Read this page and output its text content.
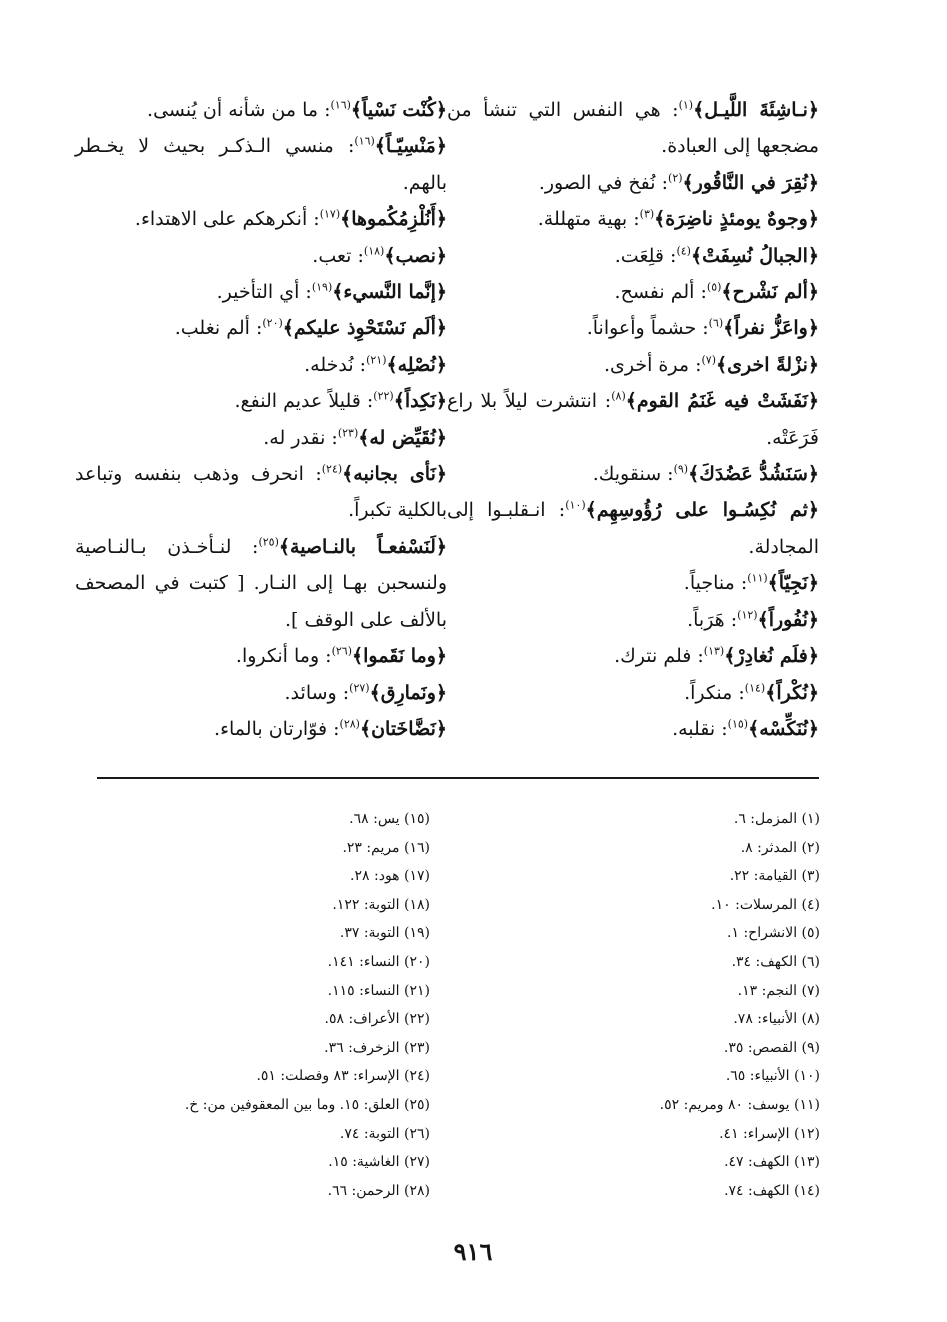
﴿نـاشِئَةَ اللَّيـل﴾$^{(١)}$: هي النفس التي تنشأ من مضجعها إلى العبادة.

﴿نُقِرَ في النَّاقُور﴾$^{(٢)}$: نُفخ في الصور.

﴿وجوهٌ يومئذٍ ناضِرَة﴾$^{(٣)}$: بهية متهللة.

﴿الجبالُ نُسِفَتْ﴾$^{(٤)}$: قلِعَت.

﴿ألم نَشْرح﴾$^{(٥)}$: ألم نفسح.

﴿واعَزُّ نفراً﴾$^{(٦)}$: حشماً وأعواناً.

﴿نزْلةً اخرى﴾$^{(٧)}$: مرة أخرى.

﴿نَفَشَتْ فيه غَنَمُ القوم﴾$^{(٨)}$: انتشرت ليلاً بلا راع فَرَعَتْه.

﴿سَنَشُدُّ عَضُدَكَ﴾$^{(٩)}$: سنقويك.

﴿ثم نُكِسُـوا على رُؤُوسِهِم﴾$^{(١٠)}$: انـقلبـوا إلى المجادلة.

﴿نَجِيّاً﴾$^{(١١)}$: مناجياً.

﴿نُفُوراً﴾$^{(١٢)}$: هَرَباً.

﴿فلَم نُغادِرْ﴾$^{(١٣)}$: فلم نترك.

﴿نُكْراً﴾$^{(١٤)}$: منكراً.

﴿نُنَكِّسْه﴾$^{(١٥)}$: نقلبه.

﴿كُنْت نَسْياً﴾$^{(١٦)}$: ما من شأنه أن يُنسى.

﴿مَنْسِيّـاً﴾$^{(١٦)}$: منسي الـذكـر بحيث لا يخـطر بالهم.

﴿أَنُلْزِمُكُموها﴾$^{(١٧)}$: أنكرهكم على الاهتداء.

﴿نصب﴾$^{(١٨)}$: تعب.

﴿إنَّما النَّسيء﴾$^{(١٩)}$: أي التأخير.

﴿ألَم نَسْتَحْوِذ عليكم﴾$^{(٢٠)}$: ألم نغلب.

﴿نُصْلِه﴾$^{(٢١)}$: نُدخله.

﴿نَكِداً﴾$^{(٢٢)}$: قليلاً عديم النفع.

﴿نُقَيِّض له﴾$^{(٢٣)}$: نقدر له.

﴿نَأى بجانبه﴾$^{(٢٤)}$: انحرف وذهب بنفسه وتباعد بالكلية تكبراً.

﴿لَنَسْفعـاً بالنـاصية﴾$^{(٢٥)}$: لنـأخـذن بـالنـاصية ولنسحبن بهـا إلى النـار. [ كتبت في المصحف بالألف على الوقف ].

﴿وما نَقَموا﴾$^{(٢٦)}$: وما أنكروا.

﴿ونَمارِق﴾$^{(٢٧)}$: وسائد.

﴿نَضَّاخَتان﴾$^{(٢٨)}$: فوّارتان بالماء.

(١) المزمل: ٦.

(٢) المدثر: ٨.

(٣) القيامة: ٢٢.

(٤) المرسلات: ١٠.

(٥) الانشراح: ١.

(٦) الكهف: ٣٤.

(٧) النجم: ١٣.

(٨) الأنبياء: ٧٨.

(٩) القصص: ٣٥.

(١٠) الأنبياء: ٦٥.

(١١) يوسف: ٨٠ ومريم: ٥٢.

(١٢) الإسراء: ٤١.

(١٣) الكهف: ٤٧.

(١٤) الكهف: ٧٤.

(١٥) يس: ٦٨.

(١٦) مريم: ٢٣.

(١٧) هود: ٢٨.

(١٨) التوبة: ١٢٢.

(١٩) التوبة: ٣٧.

(٢٠) النساء: ١٤١.

(٢١) النساء: ١١٥.

(٢٢) الأعراف: ٥٨.

(٢٣) الزخرف: ٣٦.

(٢٤) الإسراء: ٨٣ وفصلت: ٥١.

(٢٥) العلق: ١٥. وما بين المعقوفين من: خ.

(٢٦) التوبة: ٧٤.

(٢٧) الغاشية: ١٥.

(٢٨) الرحمن: ٦٦.

٩١٦
